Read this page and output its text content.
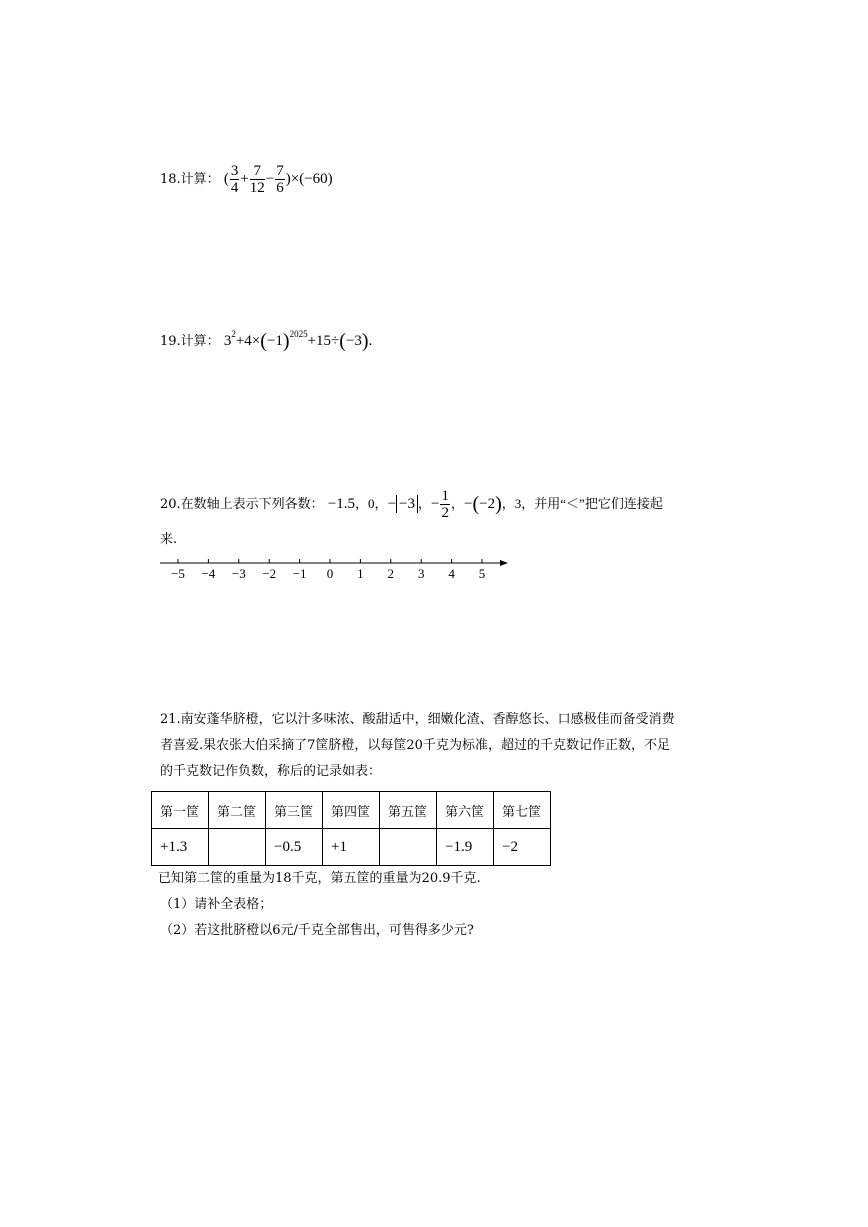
18.计算： ( $\frac{3}{4} + \frac{7}{12} - \frac{7}{6} )\times(-60)$
19.计算： $3^2+4\times(-1)^{2025}+15\div(-3)$.
20.在数轴上表示下列各数： −1.5，0，− −3 ，− $\frac{1}{2}$ ，−(−2)，3，并用“＜”把它们连接起
来.
−5 −4 −3 −2 −1 0 1 2 3 4 5
21.南安蓬华脐橙，它以汁多味浓、酸甜适中，细嫩化渣、香醇悠长、口感极佳而备受消费
者喜爱.果农张大伯采摘了7筐脐橙，以每筐20千克为标准，超过的千克数记作正数，不足
的千克数记作负数，称后的记录如表：
第一筐	第二筐	第三筐	第四筐	第五筐	第六筐	第七筐
+1.3		−0.5	+1		−1.9	−2
已知第二筐的重量为18千克，第五筐的重量为20.9千克.
（1）请补全表格；
（2）若这批脐橙以6元/千克全部售出，可售得多少元?
